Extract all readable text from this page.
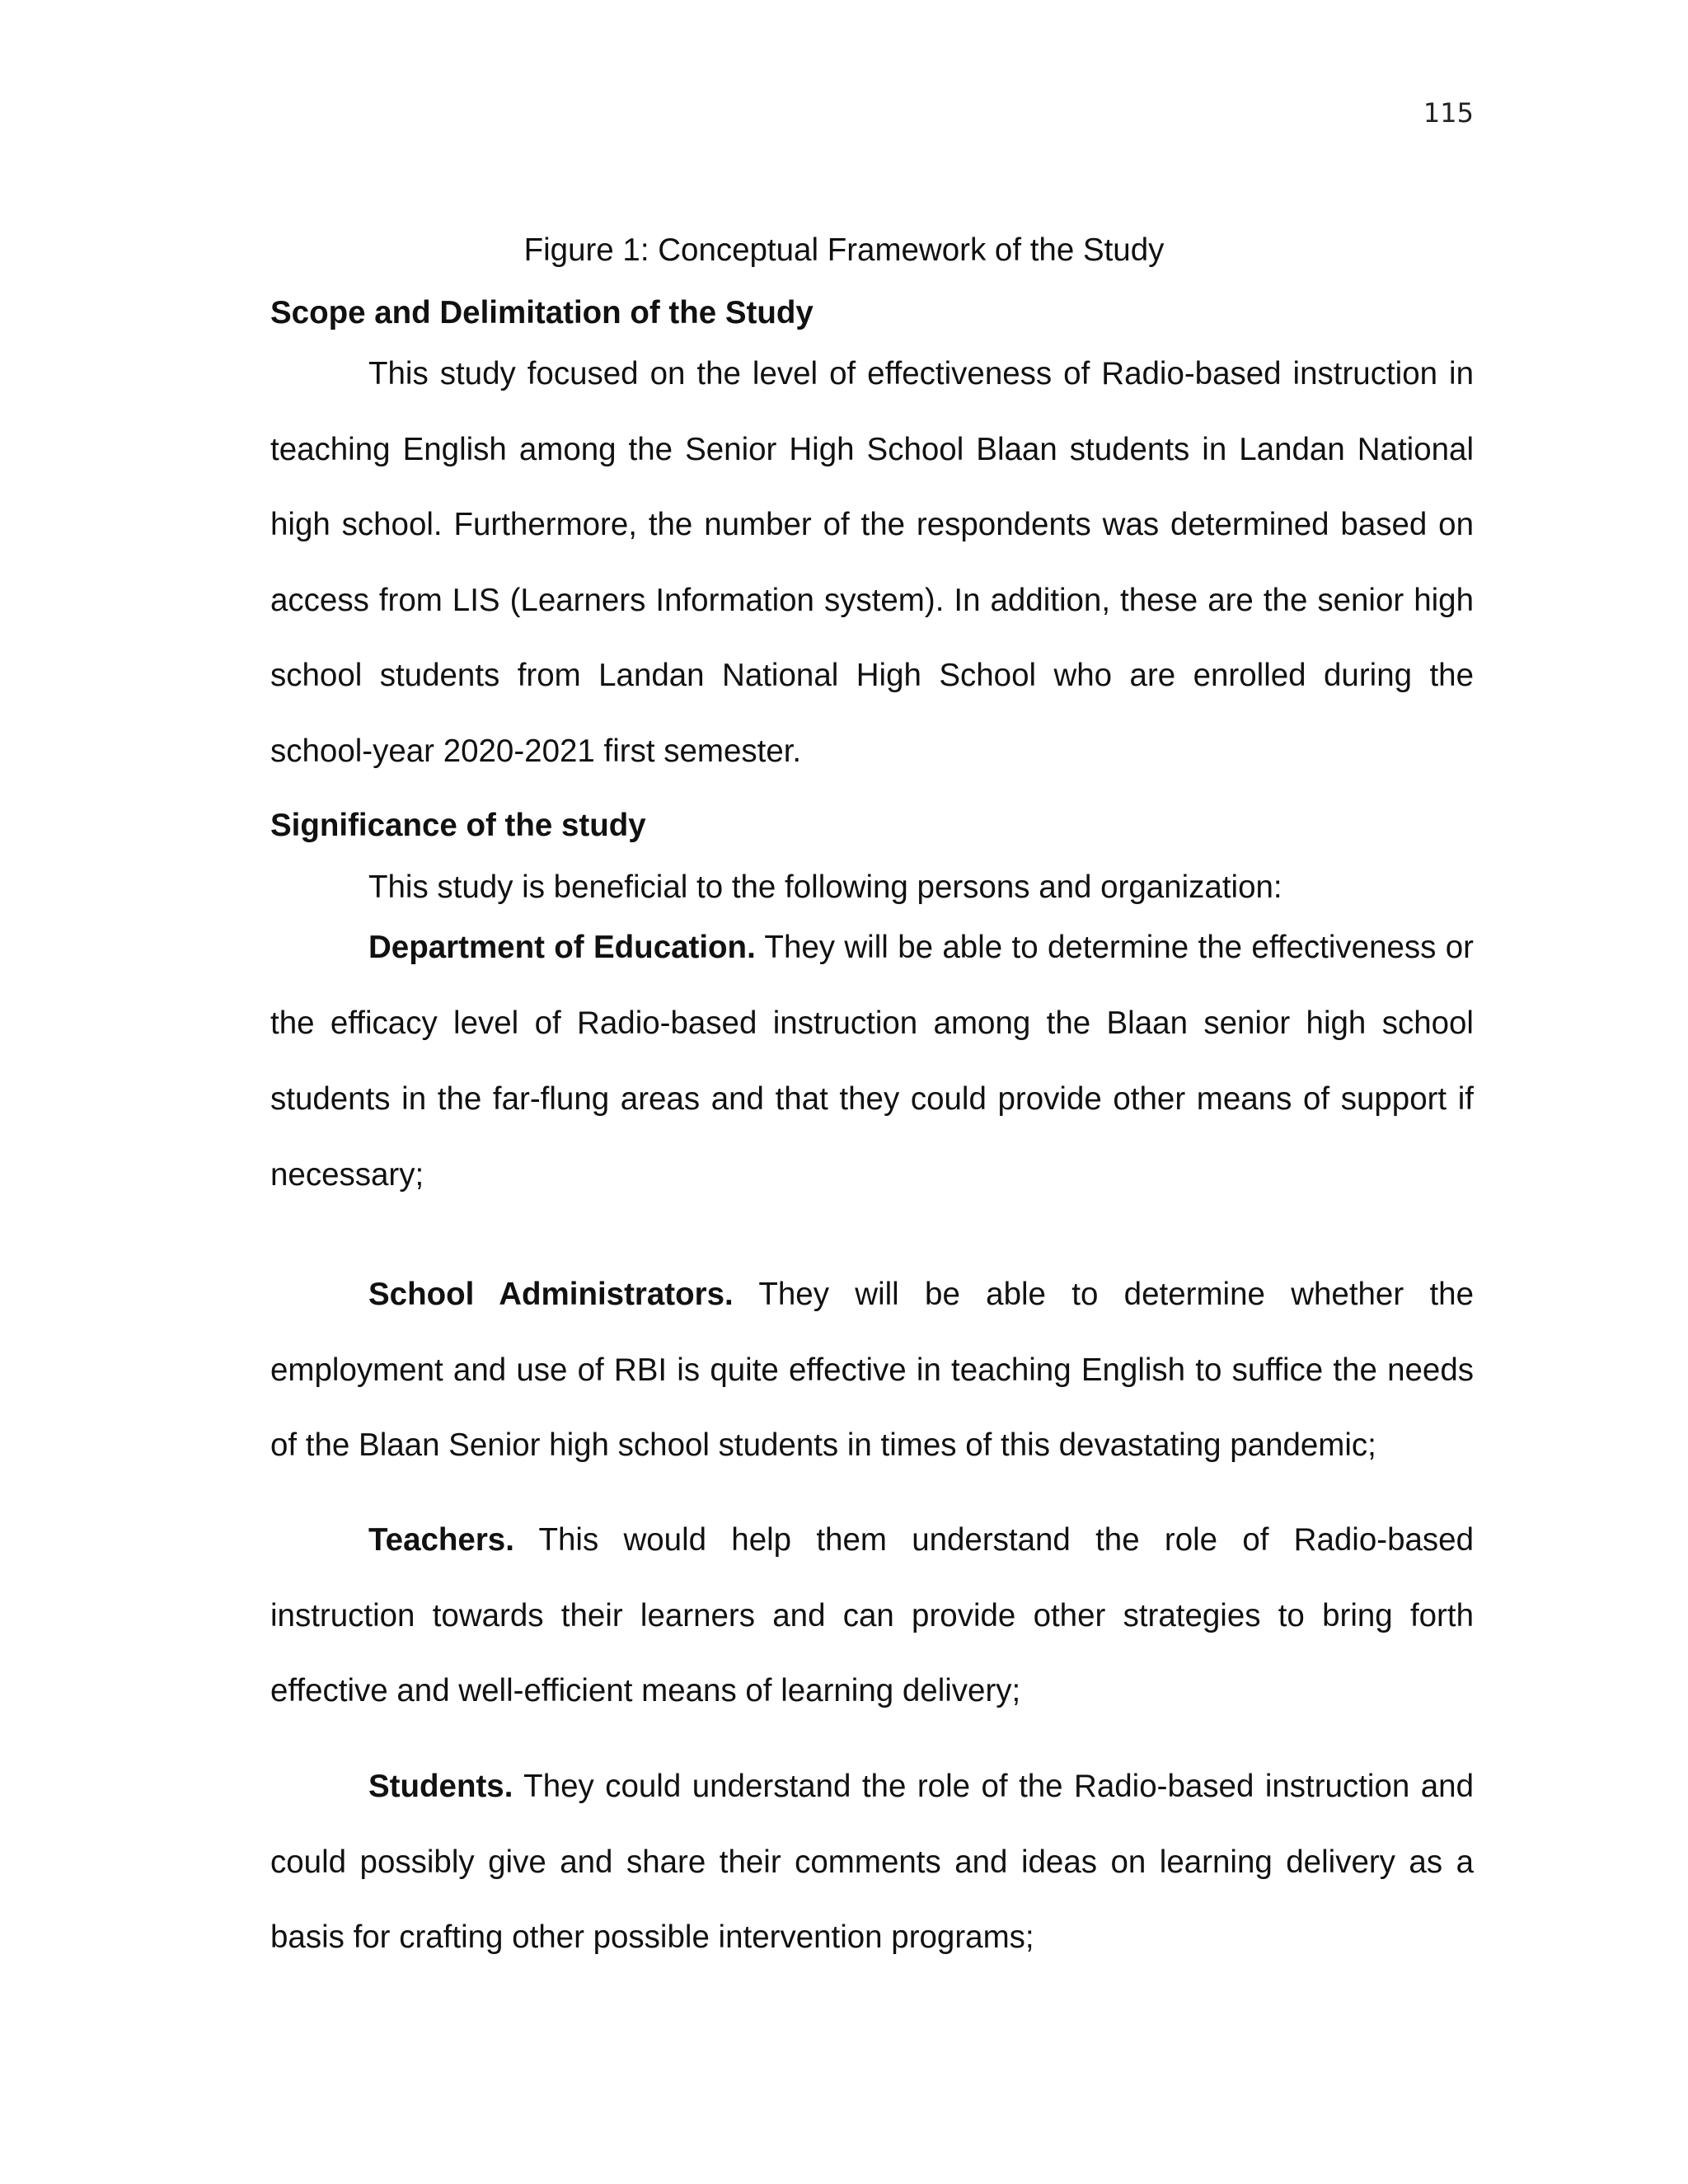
115
Figure 1: Conceptual Framework of the Study
Scope and Delimitation of the Study

This study focused on the level of effectiveness of Radio-based instruction in teaching English among the Senior High School Blaan students in Landan National high school. Furthermore, the number of the respondents was determined based on access from LIS (Learners Information system). In addition, these are the senior high school students from Landan National High School who are enrolled during the school-year 2020-2021 first semester.

Significance of the study
This study is beneficial to the following persons and organization:

Department of Education. They will be able to determine the effectiveness or the efficacy level of Radio-based instruction among the Blaan senior high school students in the far-flung areas and that they could provide other means of support if necessary;

School Administrators. They will be able to determine whether the employment and use of RBI is quite effective in teaching English to suffice the needs of the Blaan Senior high school students in times of this devastating pandemic;

Teachers. This would help them understand the role of Radio-based instruction towards their learners and can provide other strategies to bring forth effective and well-efficient means of learning delivery;

Students. They could understand the role of the Radio-based instruction and could possibly give and share their comments and ideas on learning delivery as a basis for crafting other possible intervention programs;
